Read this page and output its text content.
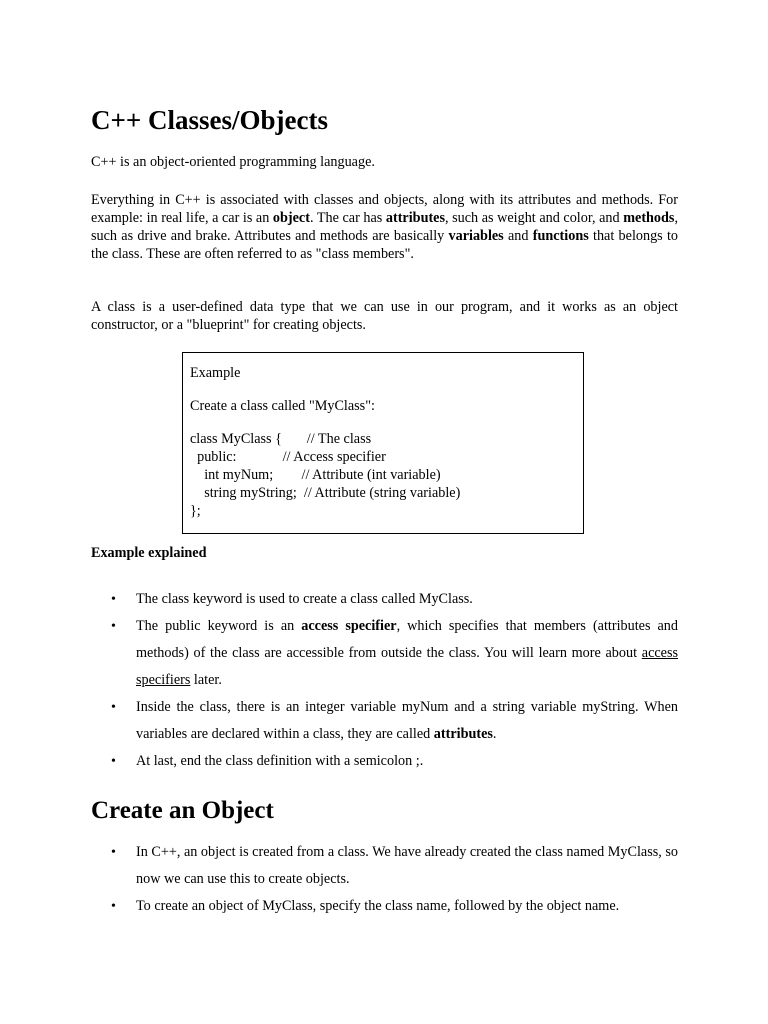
C++ Classes/Objects

C++ is an object-oriented programming language.

Everything in C++ is associated with classes and objects, along with its attributes and methods. For example: in real life, a car is an object. The car has attributes, such as weight and color, and methods, such as drive and brake. Attributes and methods are basically variables and functions that belongs to the class. These are often referred to as "class members".

A class is a user-defined data type that we can use in our program, and it works as an object constructor, or a "blueprint" for creating objects.

Example
Create a class called "MyClass":
class MyClass {       // The class
public:             // Access specifier
int myNum;        // Attribute (int variable)
string myString;  // Attribute (string variable)
};
Example explained
• The class keyword is used to create a class called MyClass.
• The public keyword is an access specifier, which specifies that members (attributes and methods) of the class are accessible from outside the class. You will learn more about access specifiers later.
• Inside the class, there is an integer variable myNum and a string variable myString. When variables are declared within a class, they are called attributes.
• At last, end the class definition with a semicolon ;.
Create an Object
• In C++, an object is created from a class. We have already created the class named MyClass, so now we can use this to create objects.
• To create an object of MyClass, specify the class name, followed by the object name.
